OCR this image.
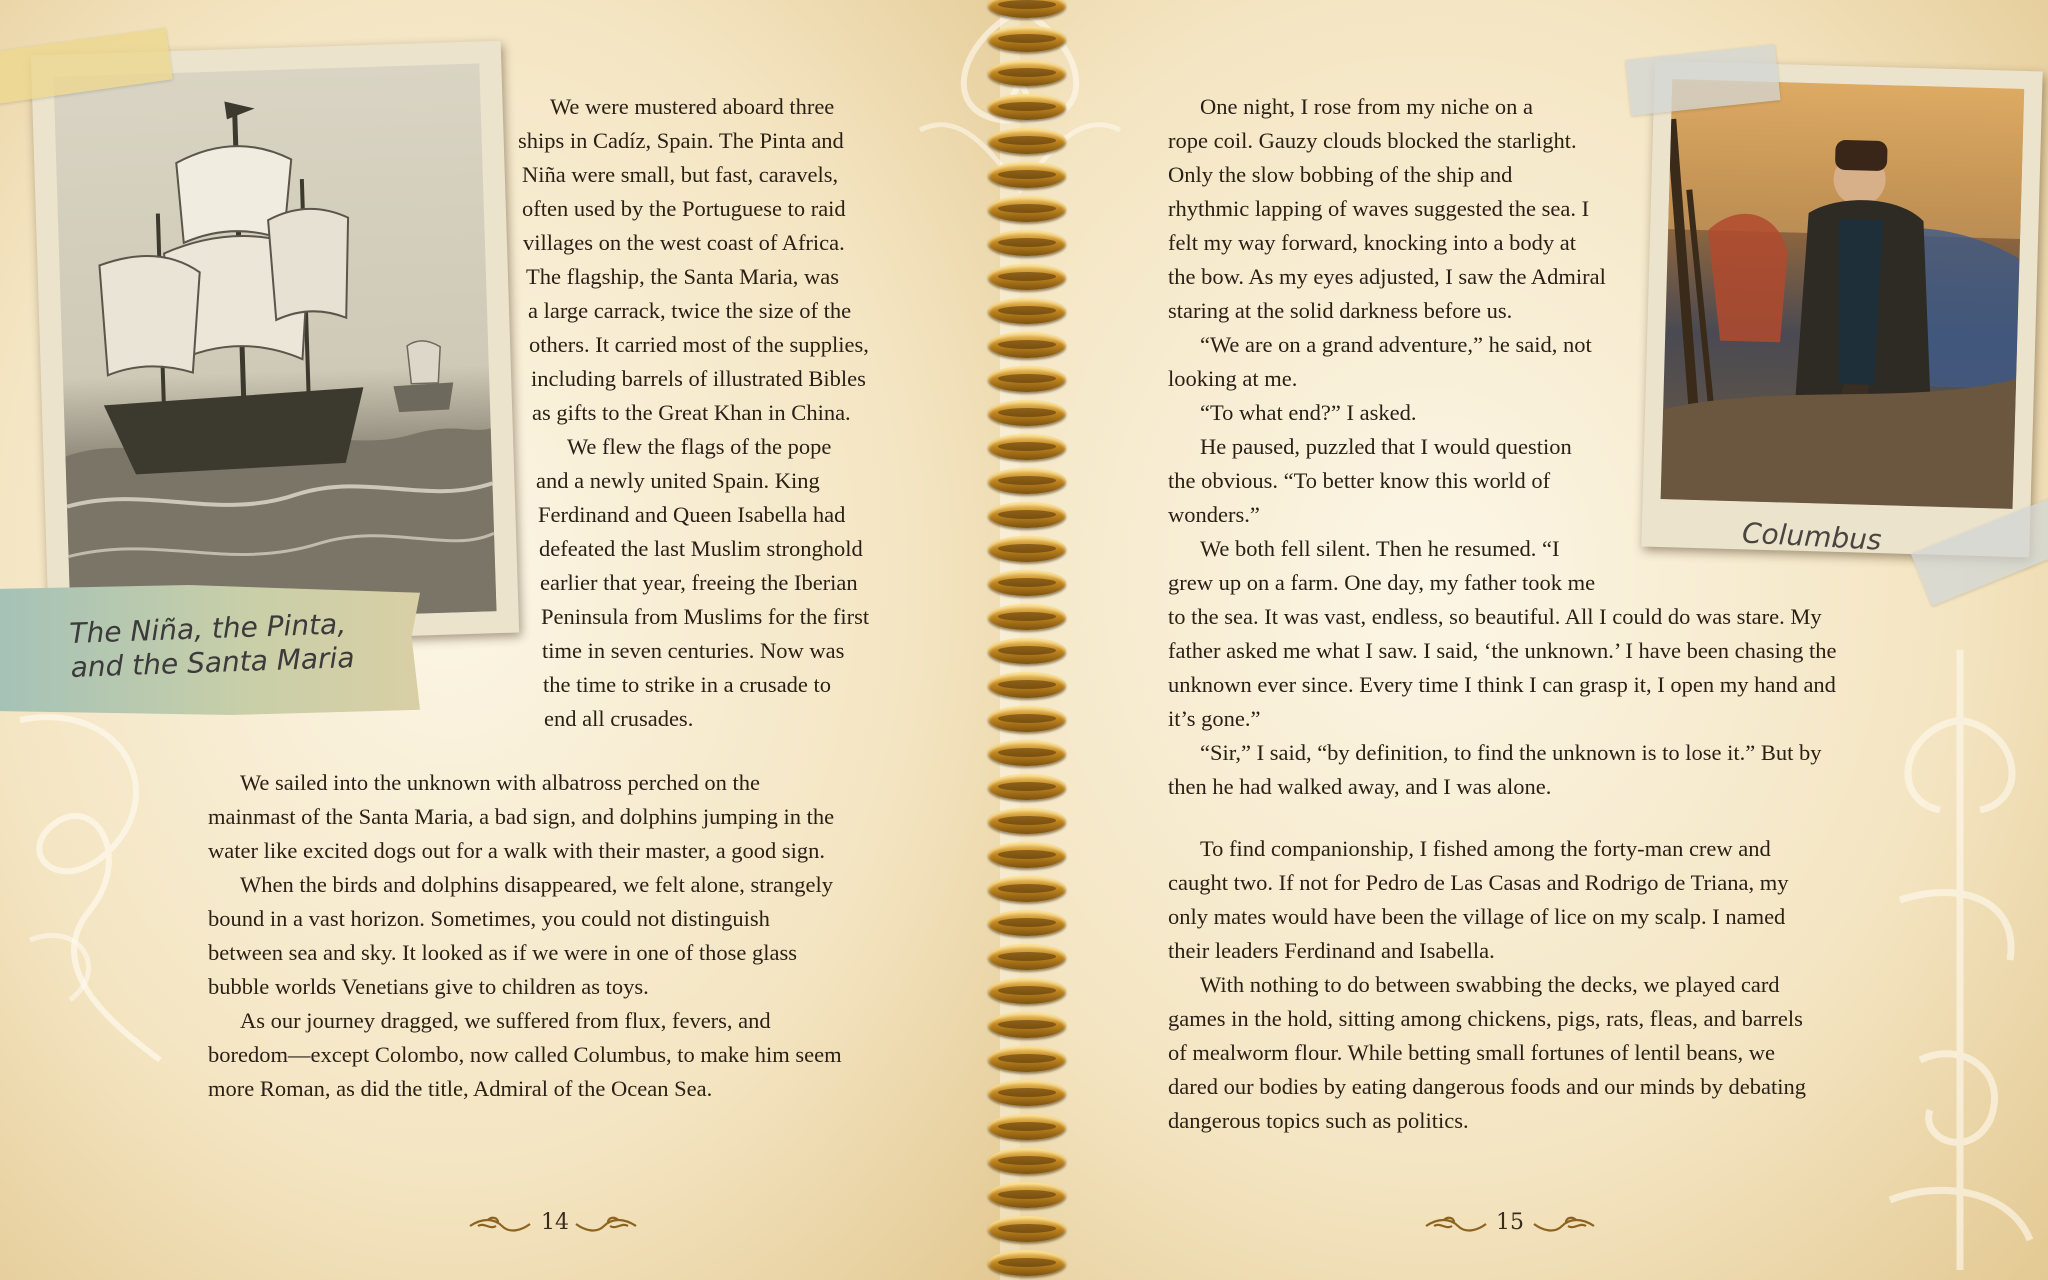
We were mustered aboard three
ships in Cadíz, Spain. The Pinta and
Niña were small, but fast, caravels,
often used by the Portuguese to raid
villages on the west coast of Africa.
The flagship, the Santa Maria, was
a large carrack, twice the size of the
others. It carried most of the supplies,
including barrels of illustrated Bibles
as gifts to the Great Khan in China.
We flew the flags of the pope
and a newly united Spain. King
Ferdinand and Queen Isabella had
defeated the last Muslim stronghold
earlier that year, freeing the Iberian
Peninsula from Muslims for the first
time in seven centuries. Now was
the time to strike in a crusade to
end all crusades.
We sailed into the unknown with albatross perched on the
mainmast of the Santa Maria, a bad sign, and dolphins jumping in the
water like excited dogs out for a walk with their master, a good sign.
When the birds and dolphins disappeared, we felt alone, strangely
bound in a vast horizon. Sometimes, you could not distinguish
between sea and sky. It looked as if we were in one of those glass
bubble worlds Venetians give to children as toys.
As our journey dragged, we suffered from flux, fevers, and
boredom—except Colombo, now called Columbus, to make him seem
more Roman, as did the title, Admiral of the Ocean Sea.
The Niña, the Pinta,
and the Santa Maria
One night, I rose from my niche on a
rope coil. Gauzy clouds blocked the starlight.
Only the slow bobbing of the ship and
rhythmic lapping of waves suggested the sea. I
felt my way forward, knocking into a body at
the bow. As my eyes adjusted, I saw the Admiral
staring at the solid darkness before us.
“We are on a grand adventure,” he said, not
looking at me.
“To what end?” I asked.
He paused, puzzled that I would question
the obvious. “To better know this world of
wonders.”
We both fell silent. Then he resumed. “I
grew up on a farm. One day, my father took me
to the sea. It was vast, endless, so beautiful. All I could do was stare. My
father asked me what I saw. I said, ‘the unknown.’ I have been chasing the
unknown ever since. Every time I think I can grasp it, I open my hand and
it’s gone.”
“Sir,” I said, “by definition, to find the unknown is to lose it.” But by
then he had walked away, and I was alone.
To find companionship, I fished among the forty-man crew and
caught two. If not for Pedro de Las Casas and Rodrigo de Triana, my
only mates would have been the village of lice on my scalp. I named
their leaders Ferdinand and Isabella.
With nothing to do between swabbing the decks, we played card
games in the hold, sitting among chickens, pigs, rats, fleas, and barrels
of mealworm flour. While betting small fortunes of lentil beans, we
dared our bodies by eating dangerous foods and our minds by debating
dangerous topics such as politics.
Columbus
14	15
